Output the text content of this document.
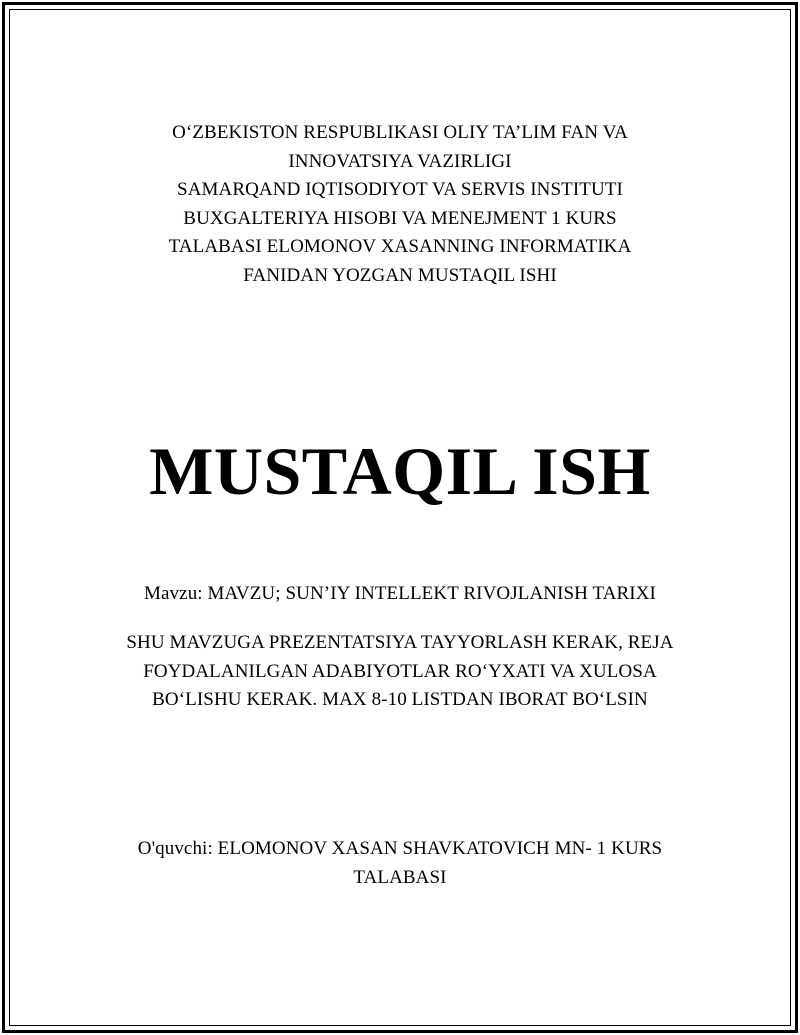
O‘ZBEKISTON RESPUBLIKASI OLIY TA’LIM FAN VA
INNOVATSIYA VAZIRLIGI
SAMARQAND IQTISODIYOT VA SERVIS INSTITUTI
BUXGALTERIYA HISOBI VA MENEJMENT 1 KURS
TALABASI ELOMONOV XASANNING INFORMATIKA
FANIDAN YOZGAN MUSTAQIL ISHI
MUSTAQIL ISH
Mavzu: MAVZU; SUN’IY INTELLEKT RIVOJLANISH TARIXI
SHU MAVZUGA PREZENTATSIYA TAYYORLASH KERAK, REJA
FOYDALANILGAN ADABIYOTLAR RO‘YXATI VA XULOSA
BO‘LISHU KERAK. MAX 8-10 LISTDAN IBORAT BO‘LSIN
O'quvchi: ELOMONOV XASAN SHAVKATOVICH MN- 1 KURS
TALABASI
